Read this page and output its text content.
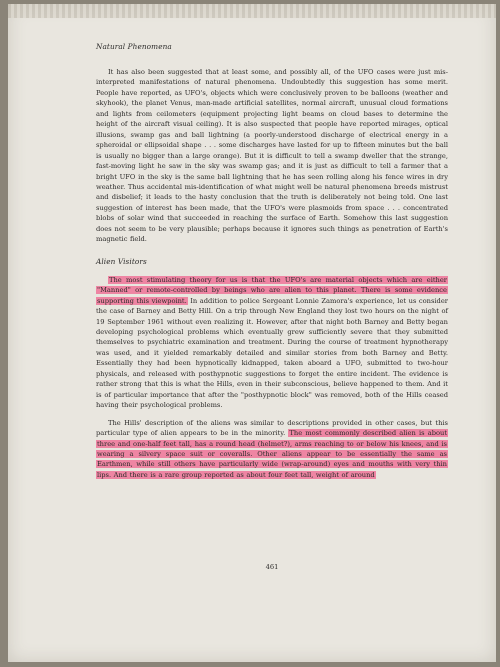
Natural Phenomena

It has also been suggested that at least some, and possibly all, of the UFO cases were just mis-interpreted manifestations of natural phenomena. Undoubtedly this suggestion has some merit. People have reported, as UFO's, objects which were conclusively proven to be balloons (weather and skyhook), the planet Venus, man-made artificial satellites, normal aircraft, unusual cloud formations and lights from ceilometers (equipment projecting light beams on cloud bases to determine the height of the aircraft visual ceiling). It is also suspected that people have reported mirages, optical illusions, swamp gas and ball lightning (a poorly-understood discharge of electrical energy in a spheroidal or ellipsoidal shape . . . some discharges have lasted for up to fifteen minutes but the ball is usually no bigger than a large orange). But it is difficult to tell a swamp dweller that the strange, fast-moving light he saw in the sky was swamp gas; and it is just as difficult to tell a farmer that a bright UFO in the sky is the same ball lightning that he has seen rolling along his fence wires in dry weather. Thus accidental mis-identification of what might well be natural phenomena breeds mistrust and disbelief; it leads to the hasty conclusion that the truth is deliberately not being told. One last suggestion of interest has been made, that the UFO's were plasmoids from space . . . concentrated blobs of solar wind that succeeded in reaching the surface of Earth. Somehow this last suggestion does not seem to be very plausible; perhaps because it ignores such things as penetration of Earth's magnetic field.

Alien Visitors

The most stimulating theory for us is that the UFO's are material objects which are either "Manned" or remote-controlled by beings who are alien to this planet. There is some evidence supporting this viewpoint. In addition to police Sergeant Lonnie Zamora's experience, let us consider the case of Barney and Betty Hill. On a trip through New England they lost two hours on the night of 19 September 1961 without even realizing it. However, after that night both Barney and Betty began developing psychological problems which eventually grew sufficiently severe that they submitted themselves to psychiatric examination and treatment. During the course of treatment hypnotherapy was used, and it yielded remarkably detailed and similar stories from both Barney and Betty. Essentially they had been hypnotically kidnapped, taken aboard a UFO, submitted to two-hour physicals, and released with posthypnotic suggestions to forget the entire incident. The evidence is rather strong that this is what the Hills, even in their subconscious, believe happened to them. And it is of particular importance that after the "posthypnotic block" was removed, both of the Hills ceased having their psychological problems.

The Hills' description of the aliens was similar to descriptions provided in other cases, but this particular type of alien appears to be in the minority. The most commonly described alien is about three and one-half feet tall, has a round head (helmet?), arms reaching to or below his knees, and is wearing a silvery space suit or coveralls. Other aliens appear to be essentially the same as Earthmen, while still others have particularly wide (wrap-around) eyes and mouths with very thin lips. And there is a rare group reported as about four feet tall, weight of around

461
